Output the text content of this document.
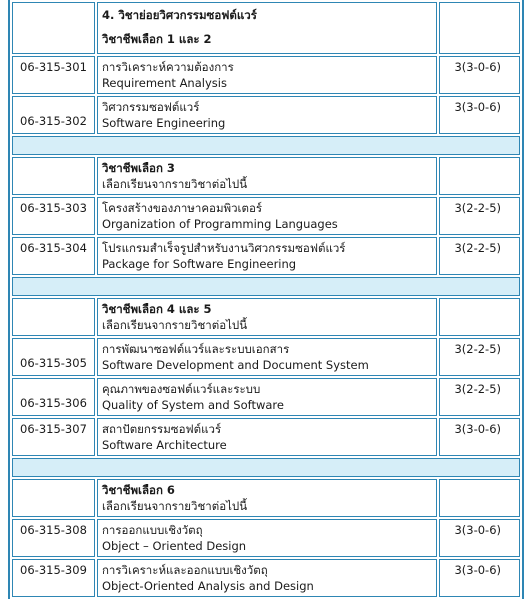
	4. วิชาย่อยวิศวกรรมซอฟต์แวร์
วิชาชีพเลือก 1 และ 2	

06-315-301	การวิเคราะห์ความต้องการ
Requirement Analysis	3(3-0-6)
06-315-302	วิศวกรรมซอฟต์แวร์
Software Engineering	3(3-0-6)

	วิชาชีพเลือก 3
เลือกเรียนจากรายวิชาต่อไปนี้	

06-315-303	โครงสร้างของภาษาคอมพิวเตอร์
Organization of Programming Languages	3(2-2-5)
06-315-304	โปรแกรมสำเร็จรูปสำหรับงานวิศวกรรมซอฟต์แวร์
Package for Software Engineering	3(2-2-5)

	วิชาชีพเลือก 4 และ 5
เลือกเรียนจากรายวิชาต่อไปนี้	

06-315-305	การพัฒนาซอฟต์แวร์และระบบเอกสาร
Software Development and Document System	3(2-2-5)
06-315-306	คุณภาพของซอฟต์แวร์และระบบ
Quality of System and Software	3(2-2-5)
06-315-307	สถาปัตยกรรมซอฟต์แวร์
Software Architecture	3(3-0-6)

	วิชาชีพเลือก 6
เลือกเรียนจากรายวิชาต่อไปนี้	

06-315-308	การออกแบบเชิงวัตถุ
Object – Oriented Design	3(3-0-6)
06-315-309	การวิเคราะห์และออกแบบเชิงวัตถุ
Object-Oriented Analysis and Design	3(3-0-6)
